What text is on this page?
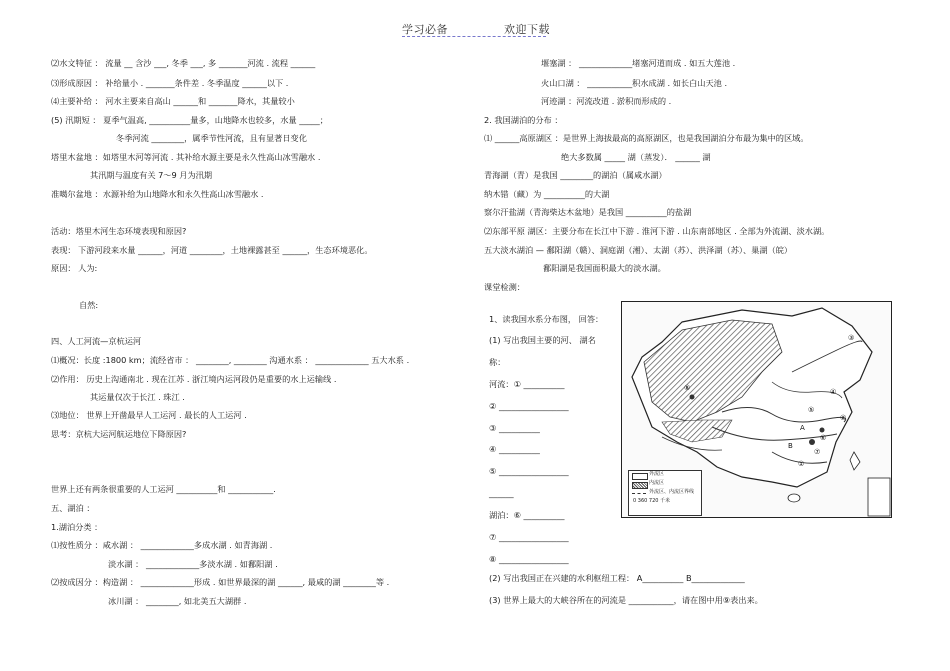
学习必备	欢迎下载
⑵水文特征 ： 流量 __ 含沙 ___, 冬季 ___, 多 _______河流 . 流程 ______
⑶形成原因 ： 补给量小 . _______条件差 . 冬季温度 ______以下 .
⑷主要补给 ： 河水主要来自高山 ______和 _______降水，其量较小
(5) 汛期短 ： 夏季气温高, __________量多，山地降水也较多，水量 _____；
冬季河流 ________，属季节性河流，且有显著日变化
塔里木盆地 ：如塔里木河等河流 . 其补给水源主要是永久性高山冰雪融水 .
其汛期与温度有关 7～9 月为汛期
准噶尔盆地 ：水源补给为山地降水和永久性高山冰雪融水 .
活动：塔里木河生态环境表现和原因?
表现： 下游河段来水量 ______，河道 ________，土地裸露甚至 ______，生态环境恶化。
原因： 人为:
自然:
四、人工河流—京杭运河
⑴概况：长度 :1800 km；流经省市 ： ________, ________ 沟通水系 ： _____________ 五大水系 .
⑵作用： 历史上沟通南北 . 现在江苏 . 浙江境内运河段仍是重要的水上运输线 .
其运量仅次于长江 . 珠江 .
⑶地位： 世界上开凿最早人工运河 . 最长的人工运河 .
思考：京杭大运河航运地位下降原因?
世界上还有两条很重要的人工运河 __________和 ___________.
五、湖泊 ：
1.湖泊分类 ：
⑴按性质分 ：咸水湖 ： _____________多成水湖 . 如青海湖 .
淡水湖 ： _____________多淡水湖 . 如鄱阳湖 .
⑵按成因分 ：构造湖 ： _____________形成 . 如世界最深的湖 ______, 最咸的湖 ________等 .
冰川湖 ： ________, 如北美五大湖群 .
堰塞湖 ： _____________堵塞河道而成 . 如五大莲池 .
火山口湖 ： ___________积水成湖 . 如长白山天池 .
河迹湖 ：河流改道 . 淤积而形成的 .
2. 我国湖泊的分布 ：
⑴ ______高原湖区 ：是世界上海拔最高的高原湖区，也是我国湖泊分布最为集中的区域。
绝大多数属 _____ 湖（蒸发）． ______ 湖
青海湖（青）是我国 ________的湖泊（属咸水湖）
纳木错（藏）为 __________的大湖
察尔汗盐湖（青海柴达木盆地）是我国 __________的盐湖
⑵东部平原 湖区：主要分布在长江中下游 . 淮河下游 . 山东南部地区 . 全部为外流湖、淡水湖。
五大淡水湖泊 — 鄱阳湖（赣）、洞庭湖（湘）、太湖（苏）、洪泽湖（苏）、巢湖（皖）
鄱阳湖是我国面积最大的淡水湖。
课堂检测：
1、读我国水系分布图， 回答：
(1) 写出我国主要的河、 湖名
称：
河流：① __________
② _________________
③ __________
④ __________
⑤ _________________
______
湖泊：⑥ __________
⑦ _________________
⑧ _________________
(2) 写出我国正在兴建的水利枢纽工程： A__________ B_____________
(3) 世界上最大的大峡谷所在的河流是 ___________，请在图中用⑨表出来。
B
A
⑦
⑥
⑤
④
③
②
①
⑧
外流区
内流区
外流区、内流区界线
0 360 720 千米
